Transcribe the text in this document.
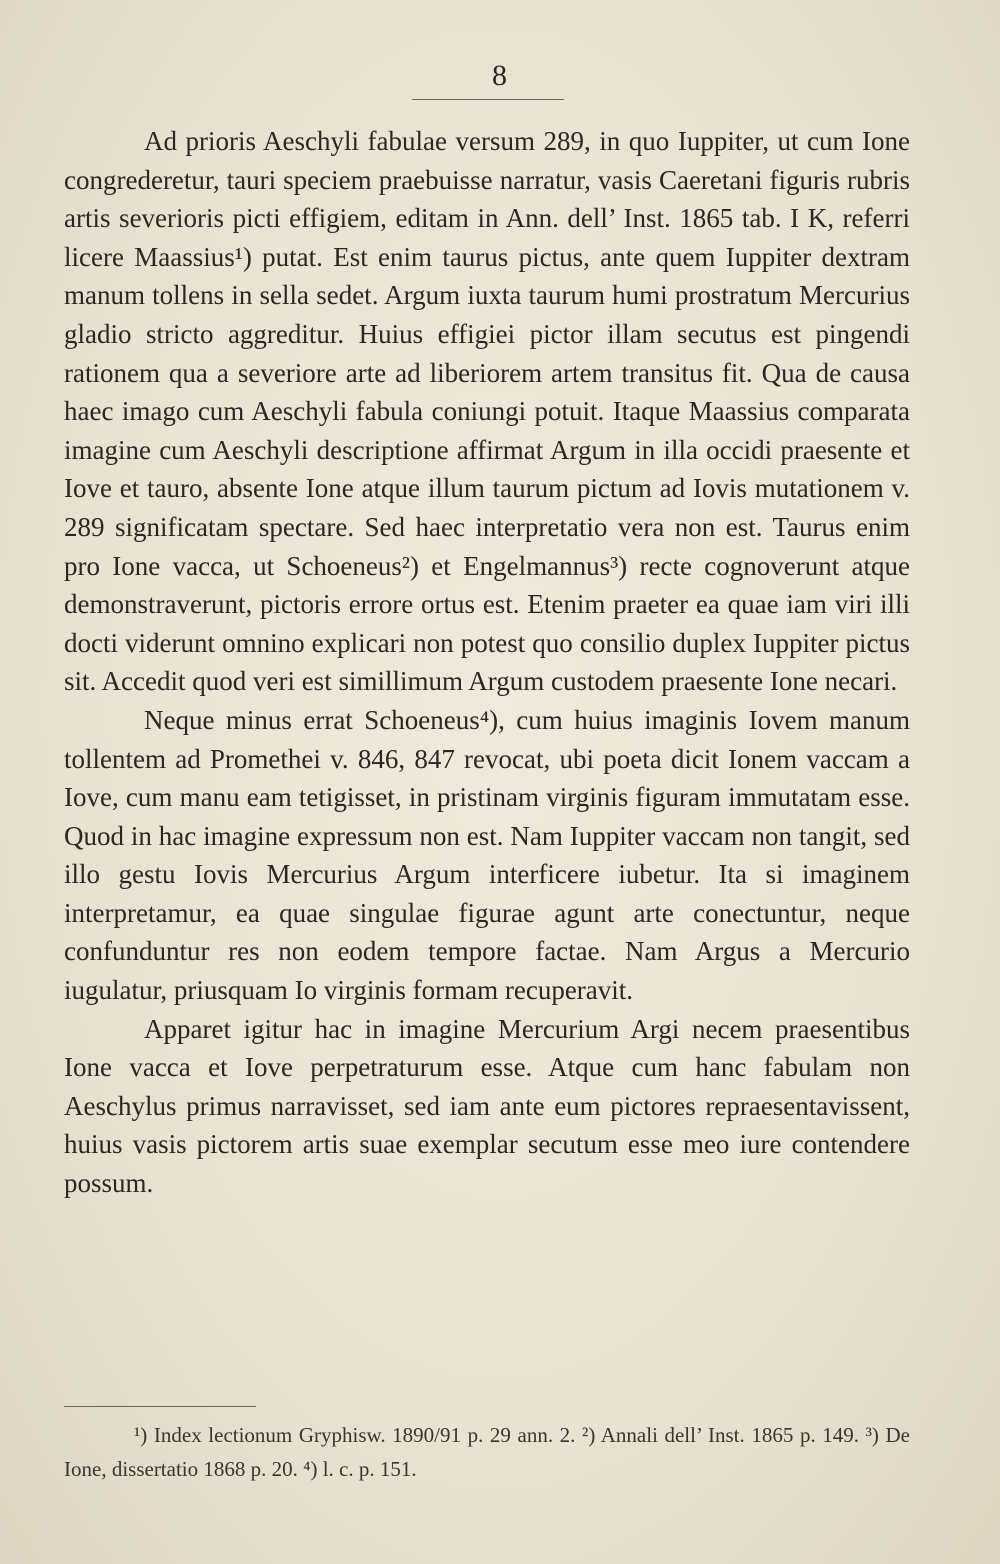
8

Ad prioris Aeschyli fabulae versum 289, in quo Iuppiter, ut cum Ione congrederetur, tauri speciem praebuisse narratur, vasis Caeretani figuris rubris artis severioris picti effigiem, editam in Ann. dell’ Inst. 1865 tab. I K, referri licere Maassius¹) putat. Est enim taurus pictus, ante quem Iuppiter dextram manum tollens in sella sedet. Argum iuxta taurum humi prostratum Mercurius gladio stricto aggreditur. Huius effigiei pictor illam secutus est pingendi rationem qua a severiore arte ad liberiorem artem transitus fit. Qua de causa haec imago cum Aeschyli fabula coniungi potuit. Itaque Maassius comparata imagine cum Aeschyli descriptione affirmat Argum in illa occidi praesente et Iove et tauro, absente Ione atque illum taurum pictum ad Iovis mutationem v. 289 significatam spectare. Sed haec interpretatio vera non est. Taurus enim pro Ione vacca, ut Schoeneus²) et Engelmannus³) recte cognoverunt atque demonstraverunt, pictoris errore ortus est. Etenim praeter ea quae iam viri illi docti viderunt omnino explicari non potest quo consilio duplex Iuppiter pictus sit. Accedit quod veri est simillimum Argum custodem praesente Ione necari.

Neque minus errat Schoeneus⁴), cum huius imaginis Iovem manum tollentem ad Promethei v. 846, 847 revocat, ubi poeta dicit Ionem vaccam a Iove, cum manu eam tetigisset, in pristinam virginis figuram immutatam esse. Quod in hac imagine expressum non est. Nam Iuppiter vaccam non tangit, sed illo gestu Iovis Mercurius Argum interficere iubetur. Ita si imaginem interpretamur, ea quae singulae figurae agunt arte conectuntur, neque confunduntur res non eodem tempore factae. Nam Argus a Mercurio iugulatur, priusquam Io virginis formam recuperavit.

Apparet igitur hac in imagine Mercurium Argi necem praesentibus Ione vacca et Iove perpetraturum esse. Atque cum hanc fabulam non Aeschylus primus narravisset, sed iam ante eum pictores repraesentavissent, huius vasis pictorem artis suae exemplar secutum esse meo iure contendere possum.

¹) Index lectionum Gryphisw. 1890/91 p. 29 ann. 2. ²) Annali dell’ Inst. 1865 p. 149. ³) De Ione, dissertatio 1868 p. 20. ⁴) l. c. p. 151.
